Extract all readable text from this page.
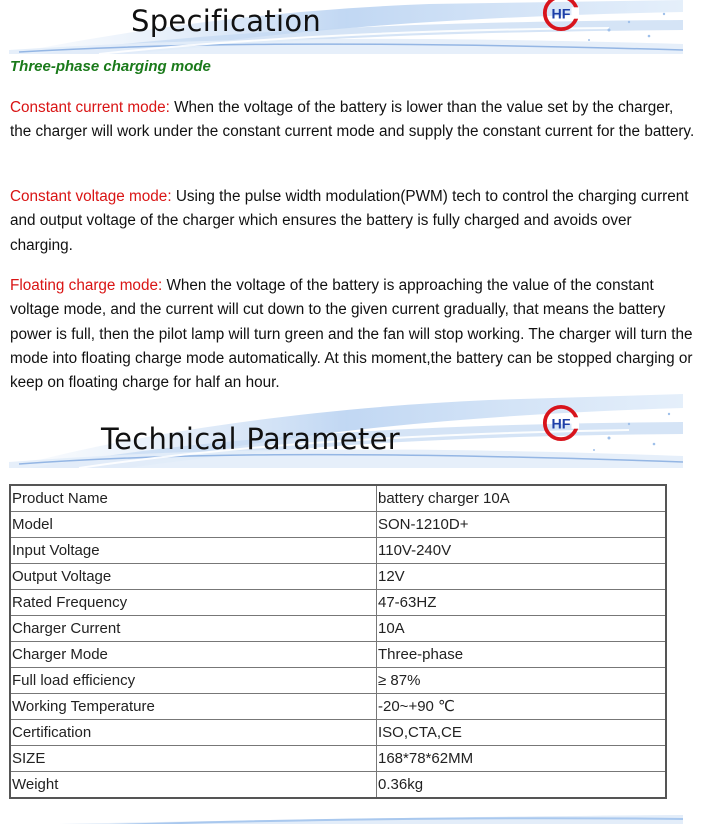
Specification	HF
Three-phase charging mode
Constant current mode: When the voltage of the battery is lower than the value set by the charger, the charger will work under the constant current mode and supply the constant current for the battery.
Constant voltage mode: Using the pulse width modulation(PWM) tech to control the charging current and output voltage of the charger which ensures the battery is fully charged and avoids over charging.
Floating charge mode: When the voltage of the battery is approaching the value of the constant voltage mode, and the current will cut down to the given current gradually, that means the battery power is full, then the pilot lamp will turn green and the fan will stop working. The charger will turn the mode into floating charge mode automatically. At this moment,the battery can be stopped charging or keep on floating charge for half an hour.
Technical Parameter	HF
Product Name	battery charger 10A
Model	SON-1210D+
Input Voltage	110V-240V
Output Voltage	12V
Rated Frequency	47-63HZ
Charger Current	10A
Charger Mode	Three-phase
Full load efficiency	≥ 87%
Working Temperature	-20~+90 ℃
Certification	ISO,CTA,CE
SIZE	168*78*62MM
Weight	0.36kg
